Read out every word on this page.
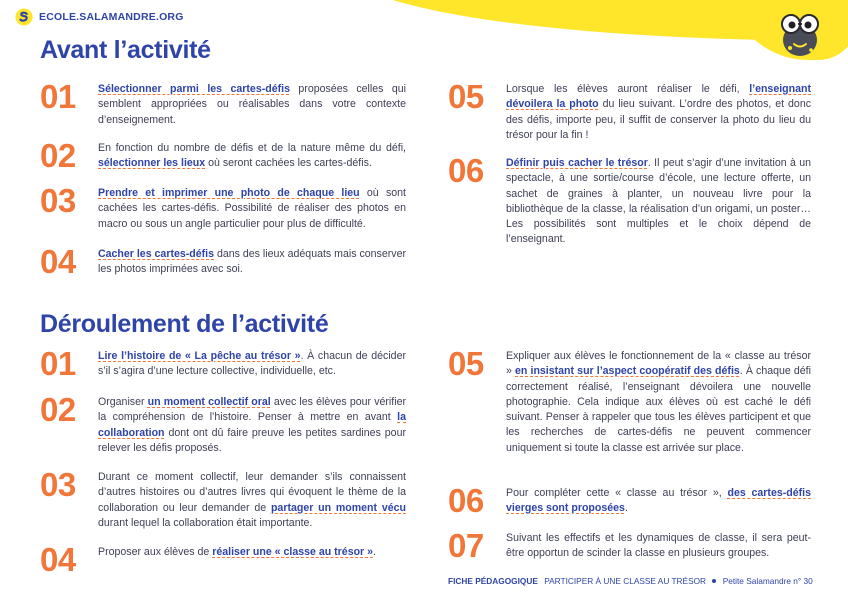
ECOLE.SALAMANDRE.ORG
Avant l’activité
01	Sélectionner parmi les cartes-défis proposées celles qui semblent appropriées ou réalisables dans votre contexte d’enseignement.
02	En fonction du nombre de défis et de la nature même du défi, sélectionner les lieux où seront cachées les cartes-défis.
03	Prendre et imprimer une photo de chaque lieu où sont cachées les cartes-défis. Possibilité de réaliser des photos en macro ou sous un angle particulier pour plus de difficulté.
04	Cacher les cartes-défis dans des lieux adéquats mais conserver les photos imprimées avec soi.
05	Lorsque les élèves auront réaliser le défi, l’enseignant dévoilera la photo du lieu suivant. L’ordre des photos, et donc des défis, importe peu, il suffit de conserver la photo du lieu du trésor pour la fin !
06	Définir puis cacher le trésor. Il peut s’agir d’une invitation à un spectacle, à une sortie/course d’école, une lecture offerte, un sachet de graines à planter, un nouveau livre pour la bibliothèque de la classe, la réalisation d’un origami, un poster… Les possibilités sont multiples et le choix dépend de l’enseignant.
Déroulement de l’activité
01	Lire l’histoire de « La pêche au trésor ». À chacun de décider s’il s’agira d’une lecture collective, individuelle, etc.
02	Organiser un moment collectif oral avec les élèves pour vérifier la compréhension de l’histoire. Penser à mettre en avant la collaboration dont ont dû faire preuve les petites sardines pour relever les défis proposés.
03	Durant ce moment collectif, leur demander s’ils connaissent d’autres histoires ou d’autres livres qui évoquent le thème de la collaboration ou leur demander de partager un moment vécu durant lequel la collaboration était importante.
04	Proposer aux élèves de réaliser une « classe au trésor ».
05	Expliquer aux élèves le fonctionnement de la « classe au trésor » en insistant sur l’aspect coopératif des défis. À chaque défi correctement réalisé, l’enseignant dévoilera une nouvelle photographie. Cela indique aux élèves où est caché le défi suivant. Penser à rappeler que tous les élèves participent et que les recherches de cartes-défis ne peuvent commencer uniquement si toute la classe est arrivée sur place.
06	Pour compléter cette « classe au trésor », des cartes-défis vierges sont proposées.
07	Suivant les effectifs et les dynamiques de classe, il sera peut-être opportun de scinder la classe en plusieurs groupes.
FICHE PÉDAGOGIQUE PARTICIPER À UNE CLASSE AU TRÉSOR Petite Salamandre n° 30
